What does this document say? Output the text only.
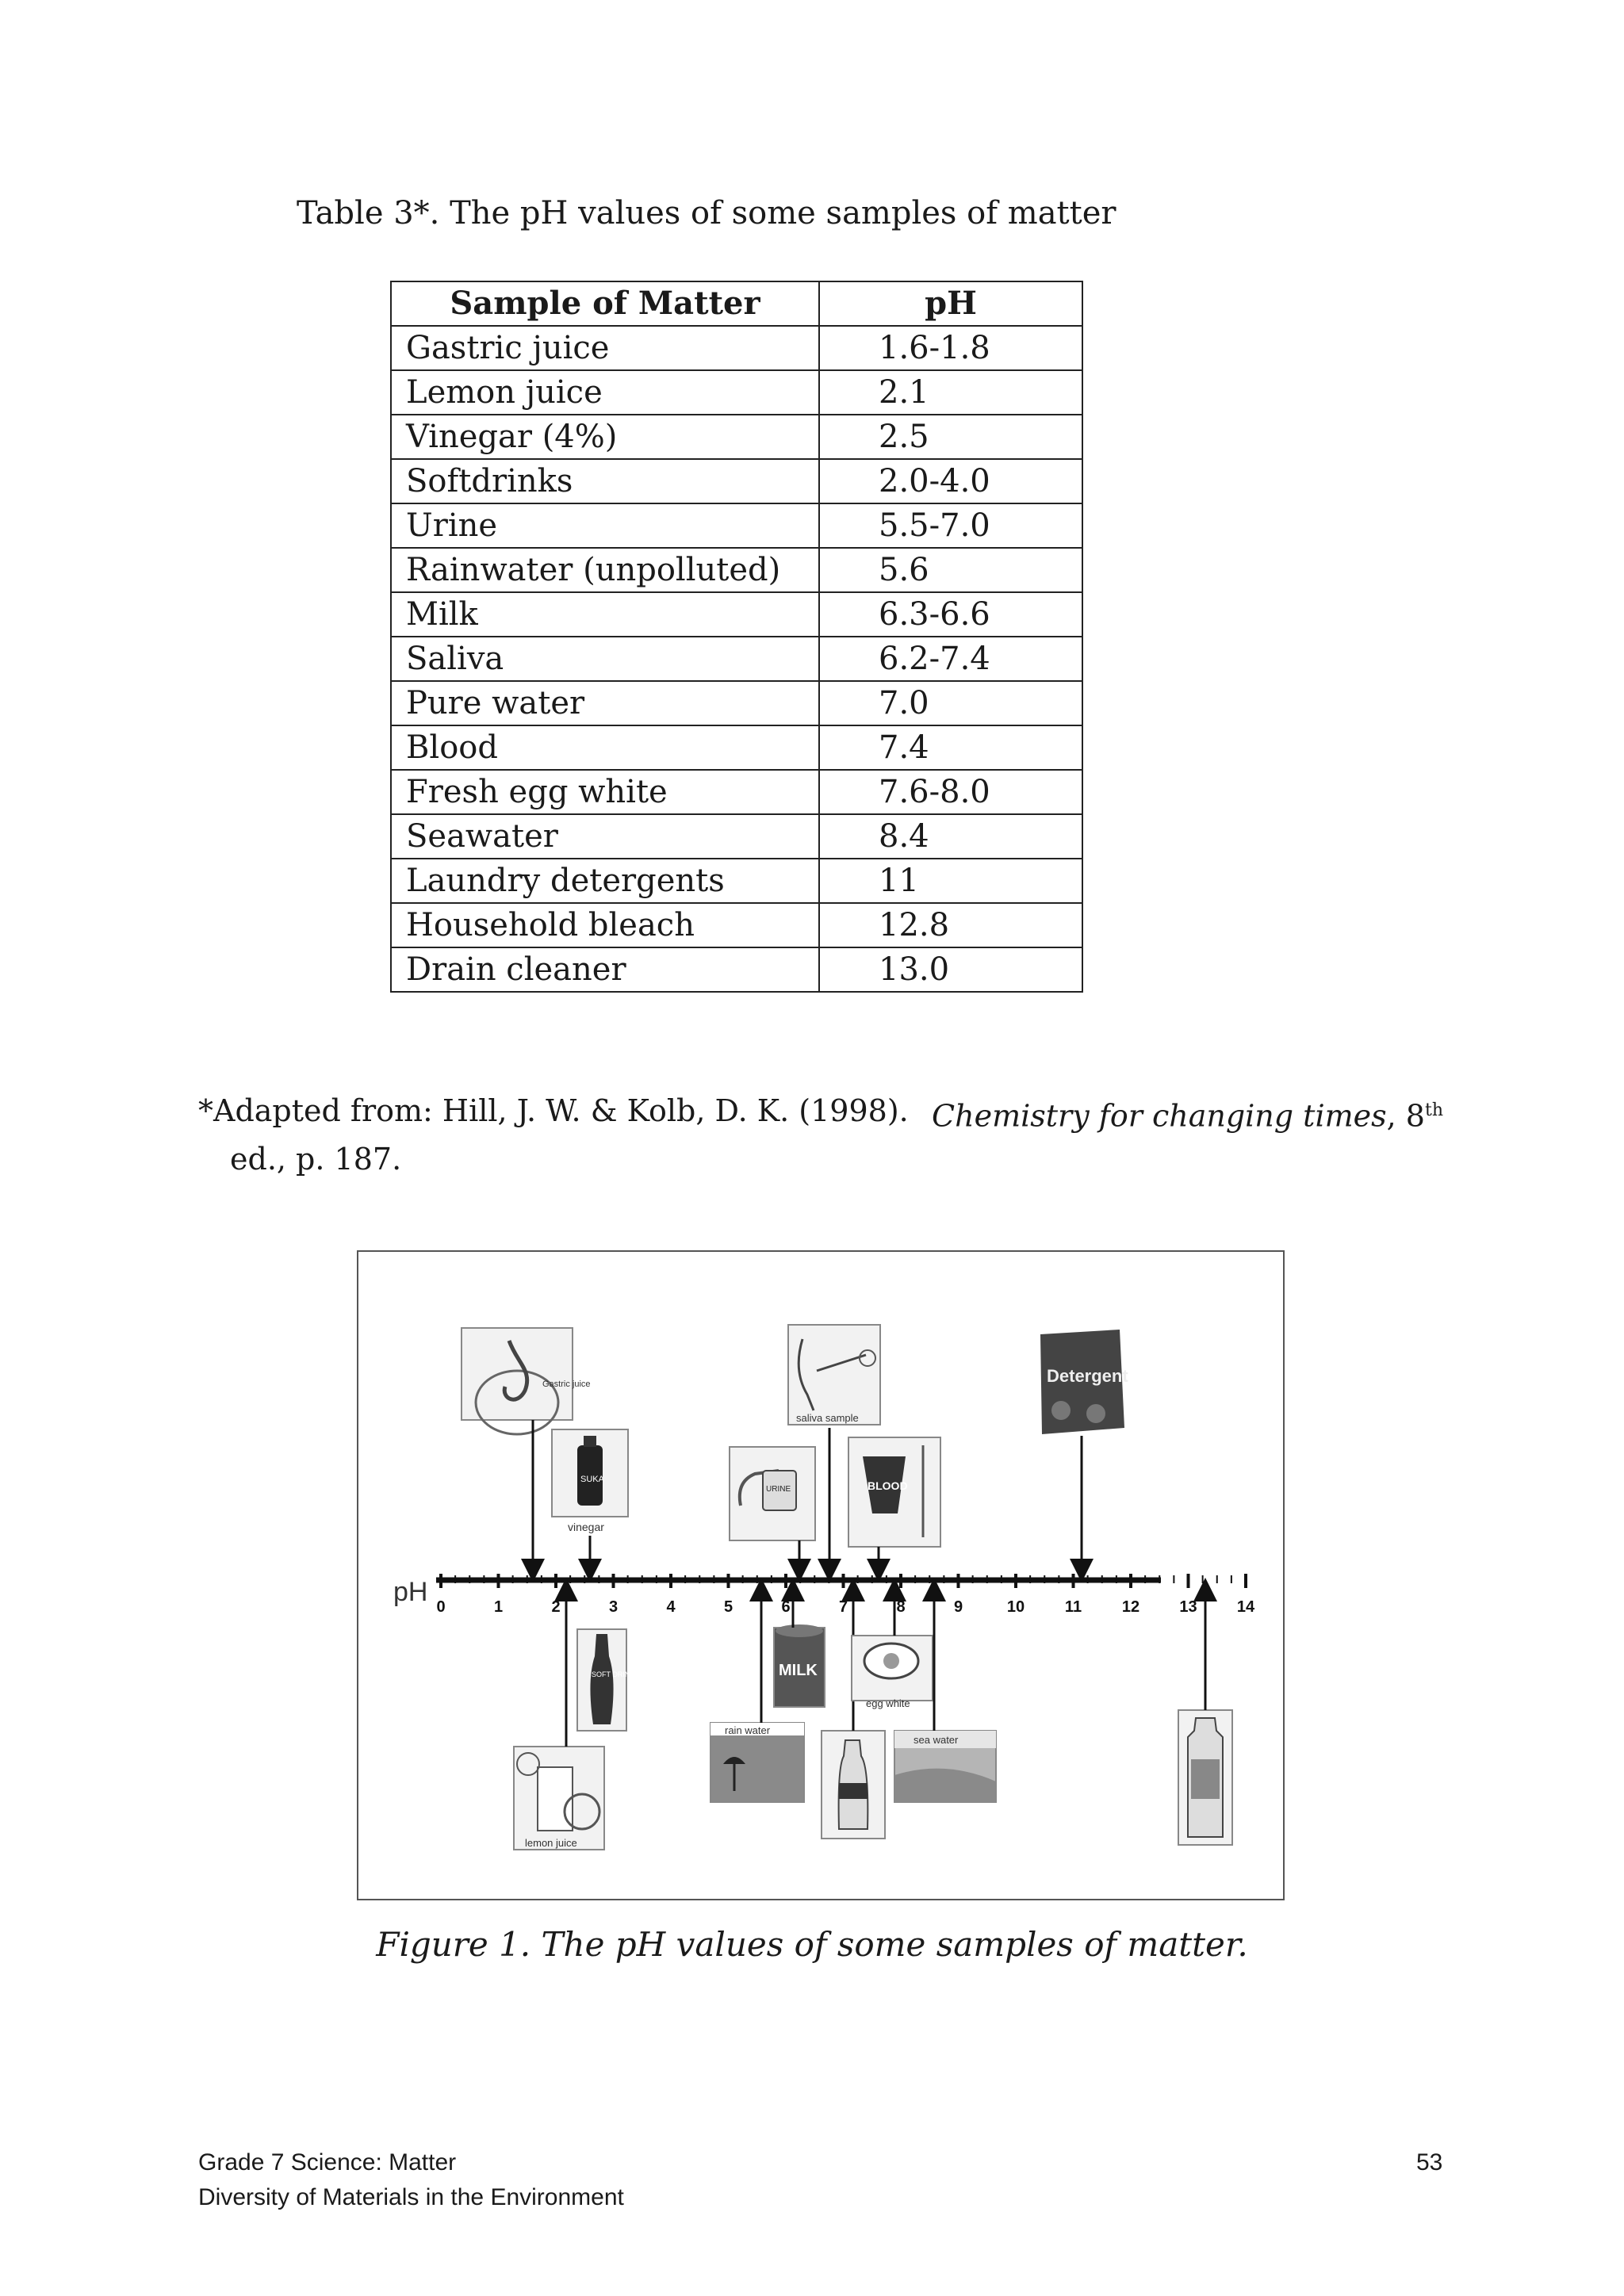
Table 3*. The pH values of some samples of matter
Sample of Matter	pH
Gastric juice	1.6-1.8
Lemon juice	2.1
Vinegar (4%)	2.5
Softdrinks	2.0-4.0
Urine	5.5-7.0
Rainwater (unpolluted)	5.6
Milk	6.3-6.6
Saliva	6.2-7.4
Pure water	7.0
Blood	7.4
Fresh egg white	7.6-8.0
Seawater	8.4
Laundry detergents	11
Household bleach	12.8
Drain cleaner	13.0
*Adapted from: Hill, J. W. & Kolb, D. K. (1998). Chemistry for changing times, 8th
ed., p. 187.
pH 0	1	2	3	4	5	6	7	8	9	10	11	12	13	14
Gastric juice
SUKA
vinegar
saliva sample
URINE	BLOOD
Detergent
lemon juice
SOFT DRINK
rain water
MILK
egg white
sea water
Figure 1. The pH values of some samples of matter.
Grade 7 Science: Matter
Diversity of Materials in the Environment
53
